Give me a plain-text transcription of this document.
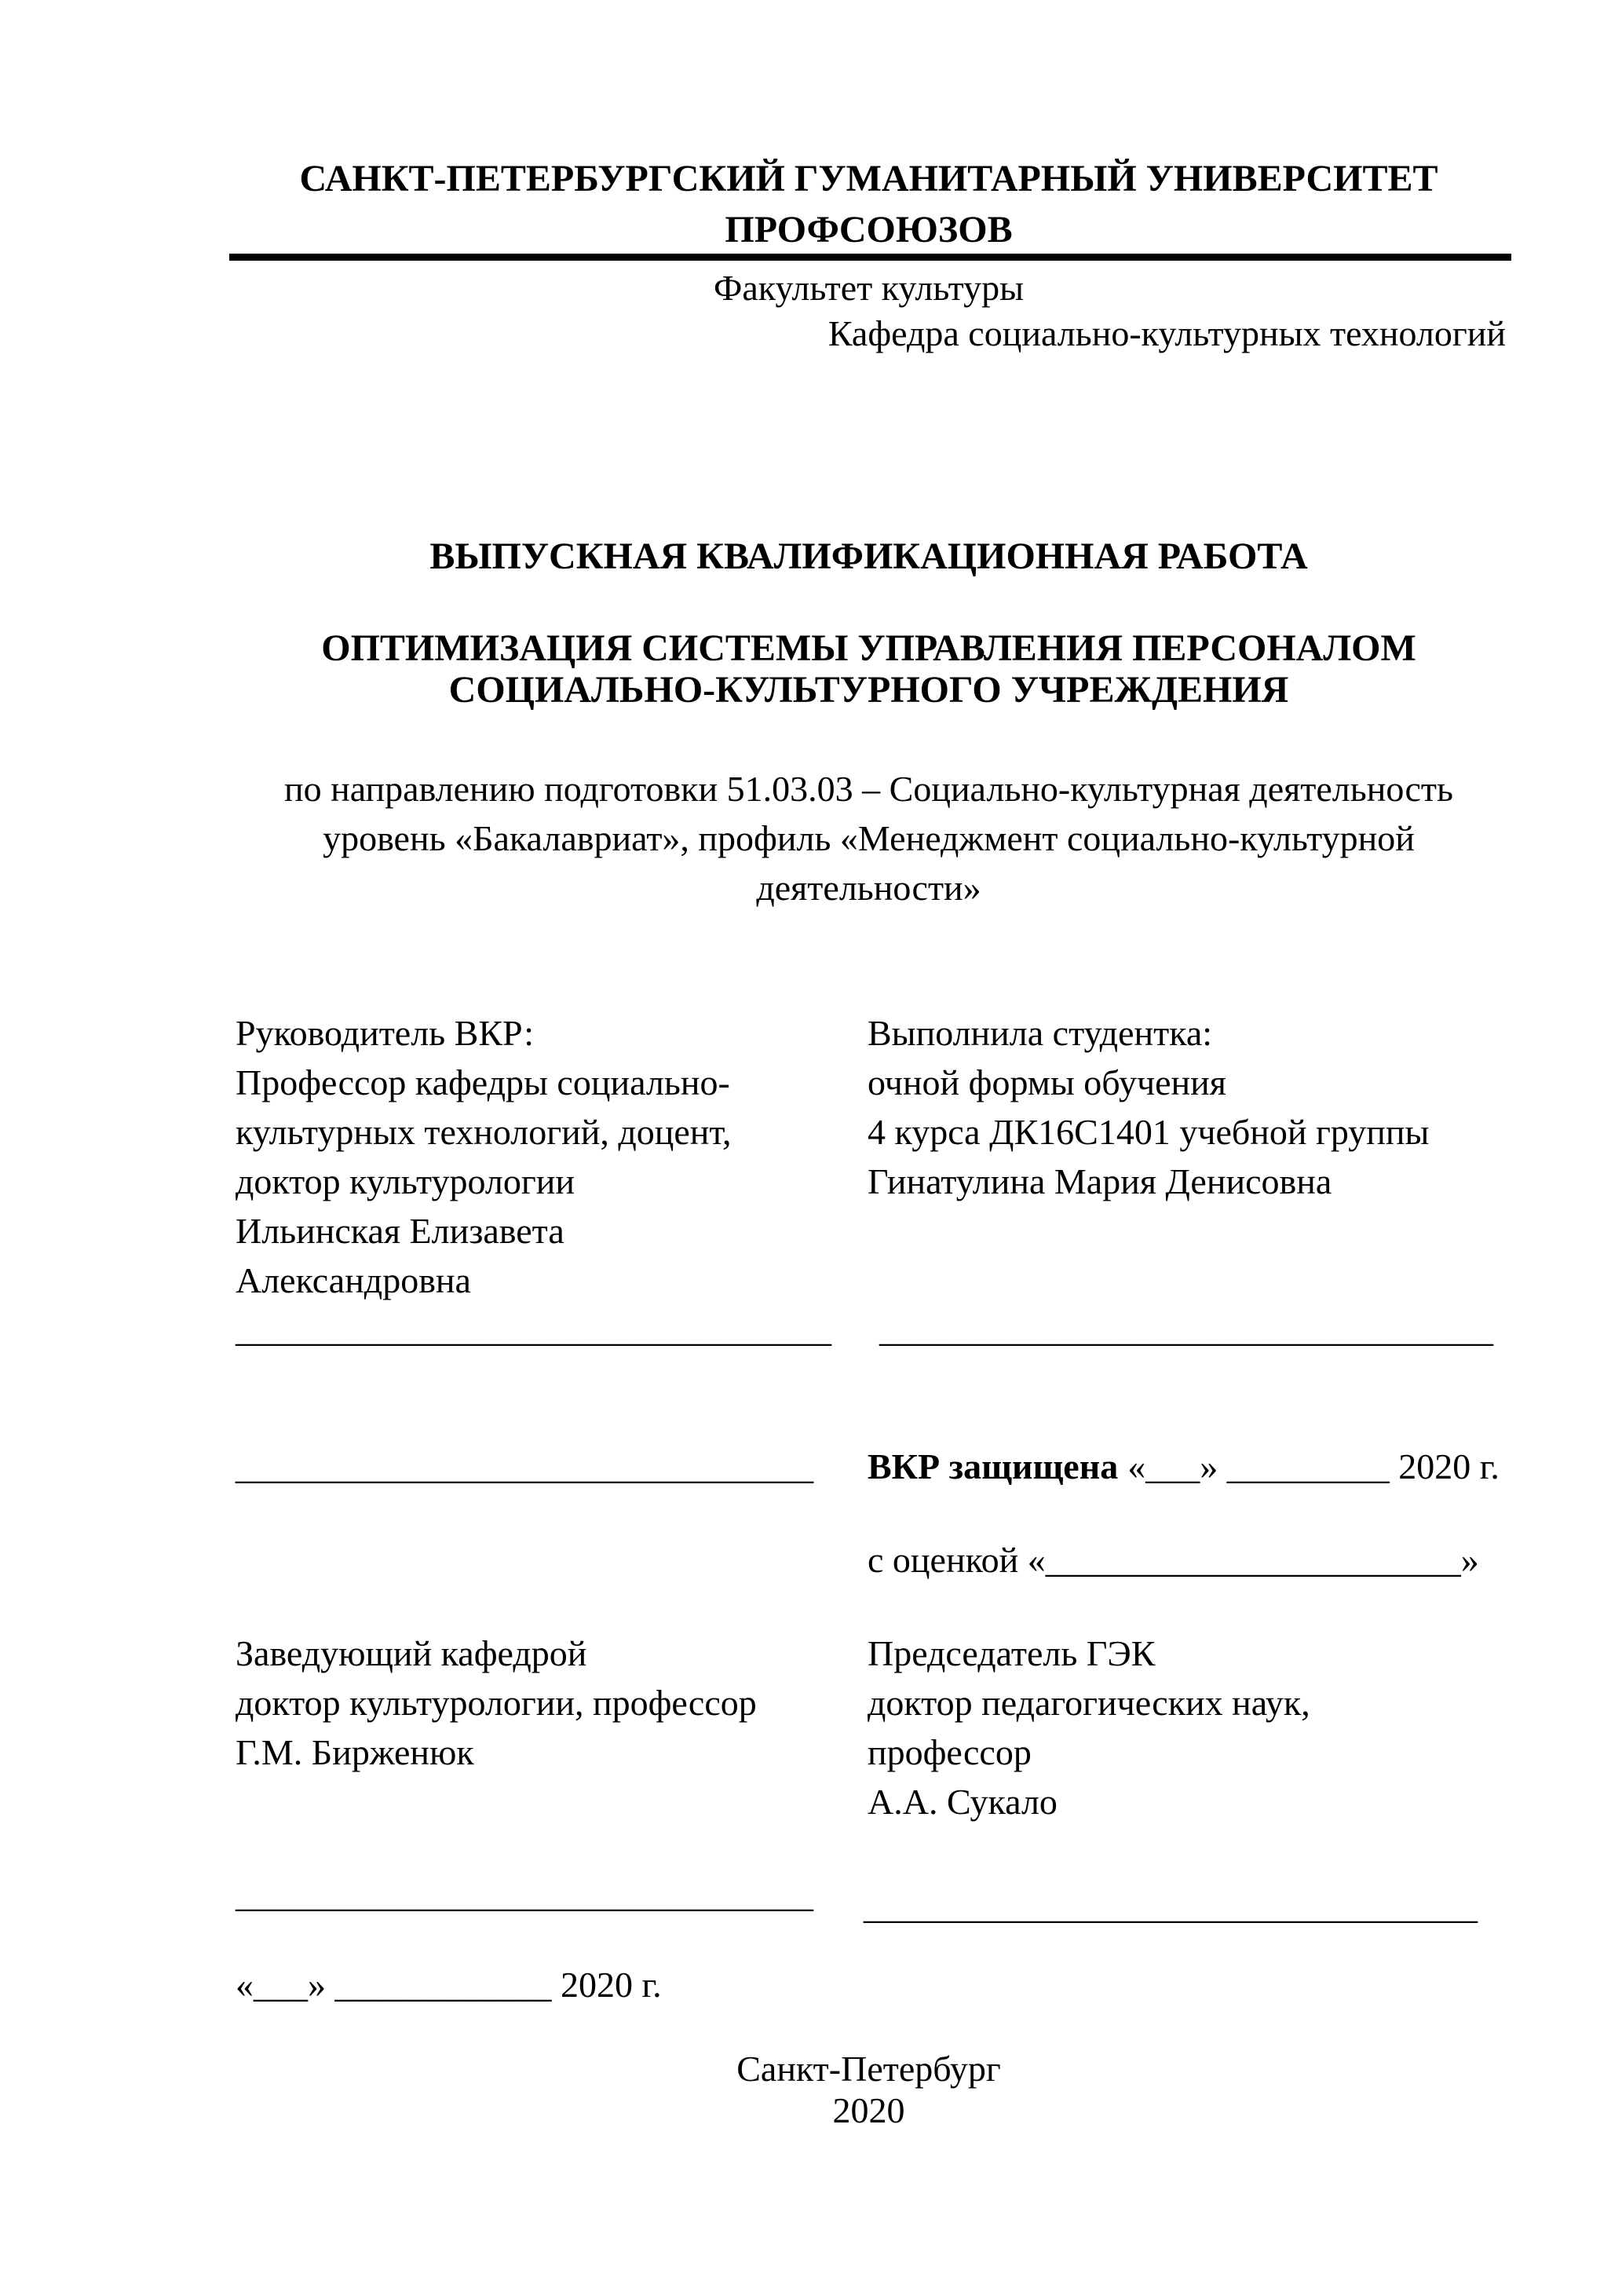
САНКТ-ПЕТЕРБУРГСКИЙ ГУМАНИТАРНЫЙ УНИВЕРСИТЕТ
ПРОФСОЮЗОВ
Факультет культуры
Кафедра социально-культурных технологий
ВЫПУСКНАЯ КВАЛИФИКАЦИОННАЯ РАБОТА
ОПТИМИЗАЦИЯ СИСТЕМЫ УПРАВЛЕНИЯ ПЕРСОНАЛОМ
СОЦИАЛЬНО-КУЛЬТУРНОГО УЧРЕЖДЕНИЯ
по направлению подготовки 51.03.03 – Социально-культурная деятельность
уровень «Бакалавриат», профиль «Менеджмент социально-культурной
деятельности»
Руководитель ВКР:
Профессор кафедры социально-
культурных технологий, доцент,
доктор культурологии
Ильинская Елизавета
Александровна
Выполнила студентка:
очной формы обучения
4 курса ДК16С1401 учебной группы
Гинатулина Мария Денисовна
_________________________________ __________________________________
________________________________ ВКР защищена «___» _________ 2020 г.
с оценкой «_______________________»
Заведующий кафедрой
доктор культурологии, профессор
Г.М. Бирженюк
Председатель ГЭК
доктор педагогических наук,
профессор
А.А. Сукало
________________________________ __________________________________
«___» ____________ 2020 г.
Санкт-Петербург
2020
